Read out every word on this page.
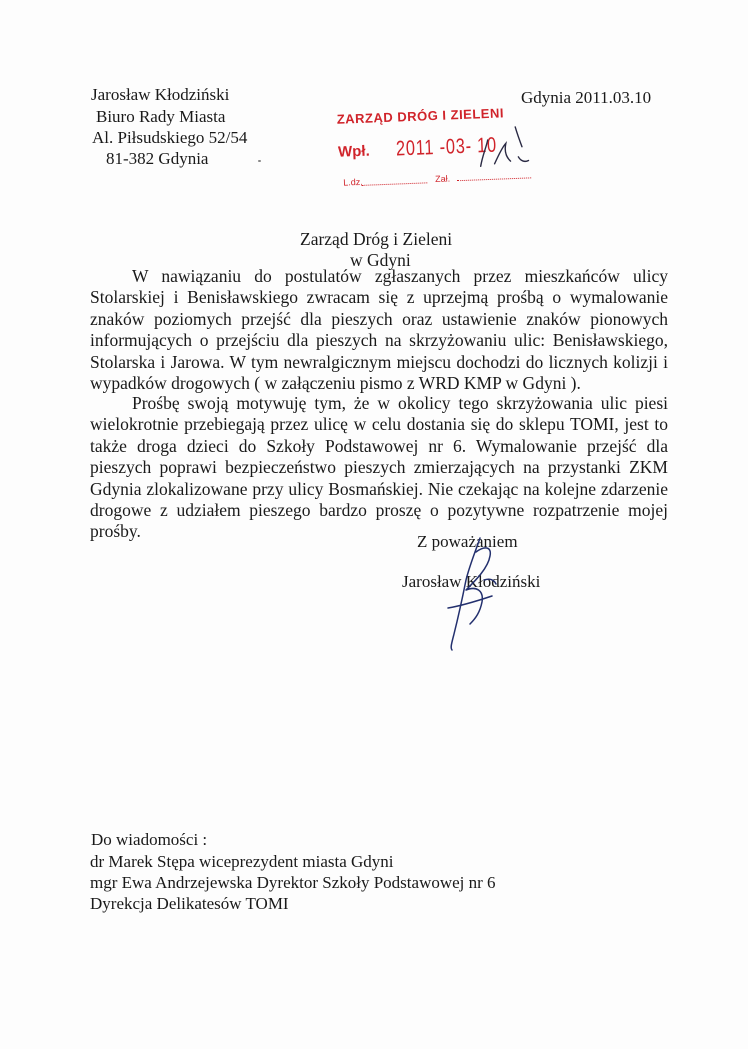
Jarosław Kłodziński
Biuro Rady Miasta
Al. Piłsudskiego 52/54
81-382 Gdynia
Gdynia 2011.03.10
ZARZĄD DRÓG I ZIELENI
Wpł. 2011 -03- 10
L.dz.	Zał.
Zarząd Dróg i Zieleni
w Gdyni

W nawiązaniu do postulatów zgłaszanych przez mieszkańców ulicy Stolarskiej i Benisławskiego zwracam się z uprzejmą prośbą o wymalowanie znaków poziomych przejść dla pieszych oraz ustawienie znaków pionowych informujących o przejściu dla pieszych na skrzyżowaniu ulic: Benisławskiego, Stolarska i Jarowa. W tym newralgicznym miejscu dochodzi do licznych kolizji i wypadków drogowych ( w załączeniu pismo z WRD KMP w Gdyni ).

Prośbę swoją motywuję tym, że w okolicy tego skrzyżowania ulic piesi wielokrotnie przebiegają przez ulicę w celu dostania się do sklepu TOMI, jest to także droga dzieci do Szkoły Podstawowej nr 6. Wymalowanie przejść dla pieszych poprawi bezpieczeństwo pieszych zmierzających na przystanki ZKM Gdynia zlokalizowane przy ulicy Bosmańskiej. Nie czekając na kolejne zdarzenie drogowe z udziałem pieszego bardzo proszę o pozytywne rozpatrzenie mojej prośby.

Z poważaniem
Jarosław Kłodziński
Do wiadomości :
dr Marek Stępa wiceprezydent miasta Gdyni
mgr Ewa Andrzejewska Dyrektor Szkoły Podstawowej nr 6
Dyrekcja Delikatesów TOMI
